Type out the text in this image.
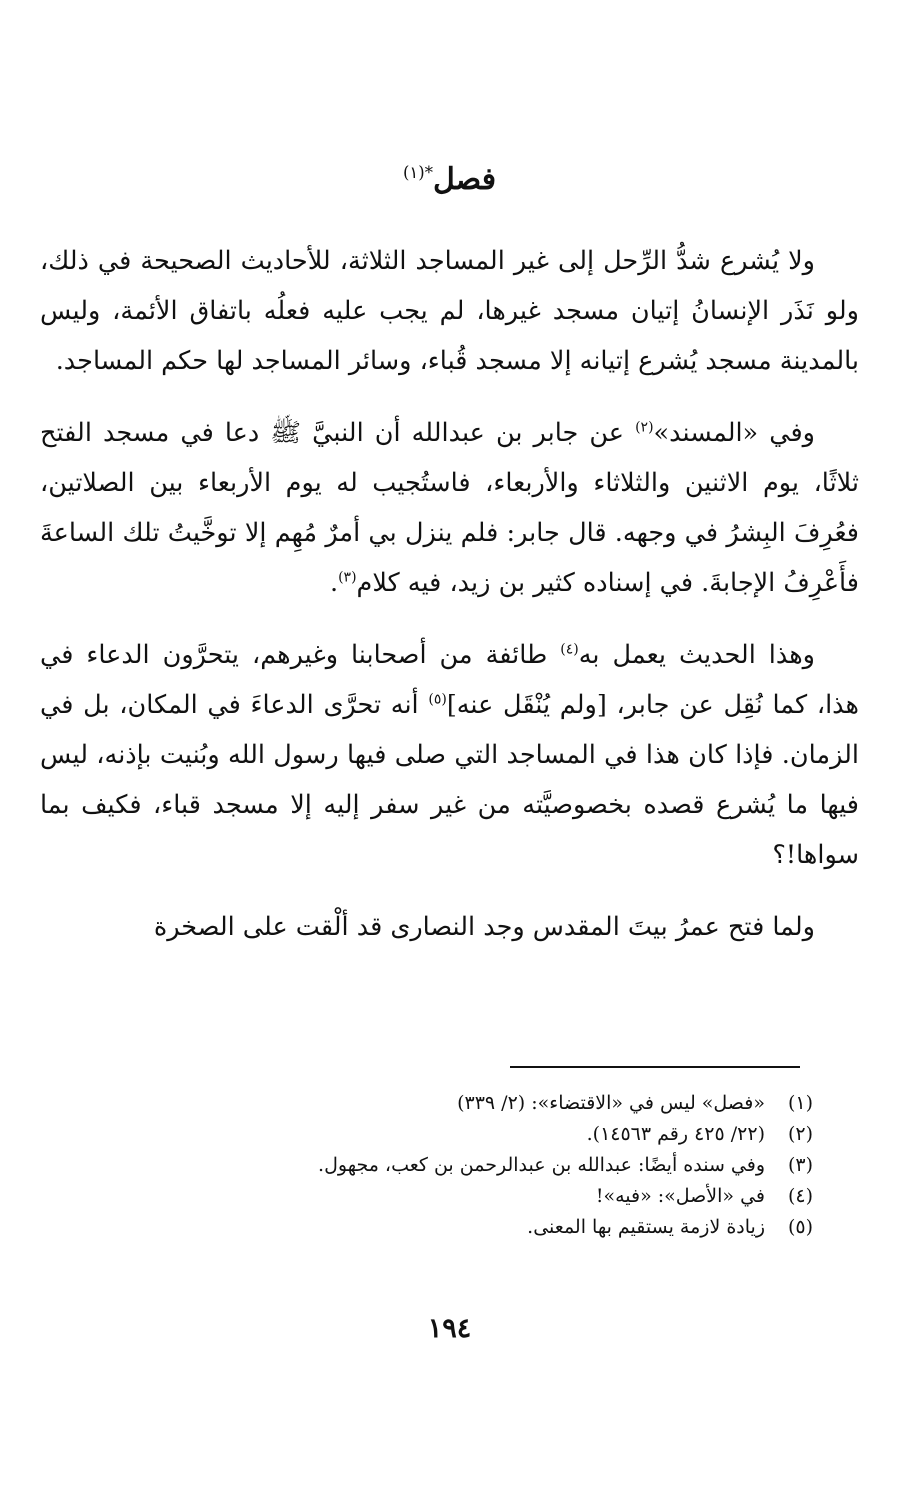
فصل$^{*(١)}$

ولا يُشرع شدُّ الرِّحل إلى غير المساجد الثلاثة، للأحاديث الصحيحة في ذلك، ولو نَذَر الإنسانُ إتيان مسجد غيرها، لم يجب عليه فعلُه باتفاق الأئمة، وليس بالمدينة مسجد يُشرع إتيانه إلا مسجد قُباء، وسائر المساجد لها حكم المساجد.

وفي «المسند»$^{(٢)}$ عن جابر بن عبدالله أن النبيَّ ﷺ دعا في مسجد الفتح ثلاثًا، يوم الاثنين والثلاثاء والأربعاء، فاستُجيب له يوم الأربعاء بين الصلاتين، فعُرِفَ البِشرُ في وجهه. قال جابر: فلم ينزل بي أمرٌ مُهِم إلا توخَّيتُ تلك الساعةَ فأَعْرِفُ الإجابةَ. في إسناده كثير بن زيد، فيه كلام$^{(٣)}$.

وهذا الحديث يعمل به$^{(٤)}$ طائفة من أصحابنا وغيرهم، يتحرَّون الدعاء في هذا، كما نُقِل عن جابر، [ولم يُنْقَل عنه]$^{(٥)}$ أنه تحرَّى الدعاءَ في المكان، بل في الزمان. فإذا كان هذا في المساجد التي صلى فيها رسول الله وبُنيت بإذنه، ليس فيها ما يُشرع قصده بخصوصيَّته من غير سفر إليه إلا مسجد قباء، فكيف بما سواها!؟

ولما فتح عمرُ بيتَ المقدس وجد النصارى قد ألْقت على الصخرة

(١)«فصل» ليس في «الاقتضاء»: (٢/ ٣٣٩)
(٢)(٢٢/ ٤٢٥ رقم ١٤٥٦٣).
(٣)وفي سنده أيضًا: عبدالله بن عبدالرحمن بن كعب، مجهول.
(٤)في «الأصل»: «فيه»!
(٥)زيادة لازمة يستقيم بها المعنى.
١٩٤
